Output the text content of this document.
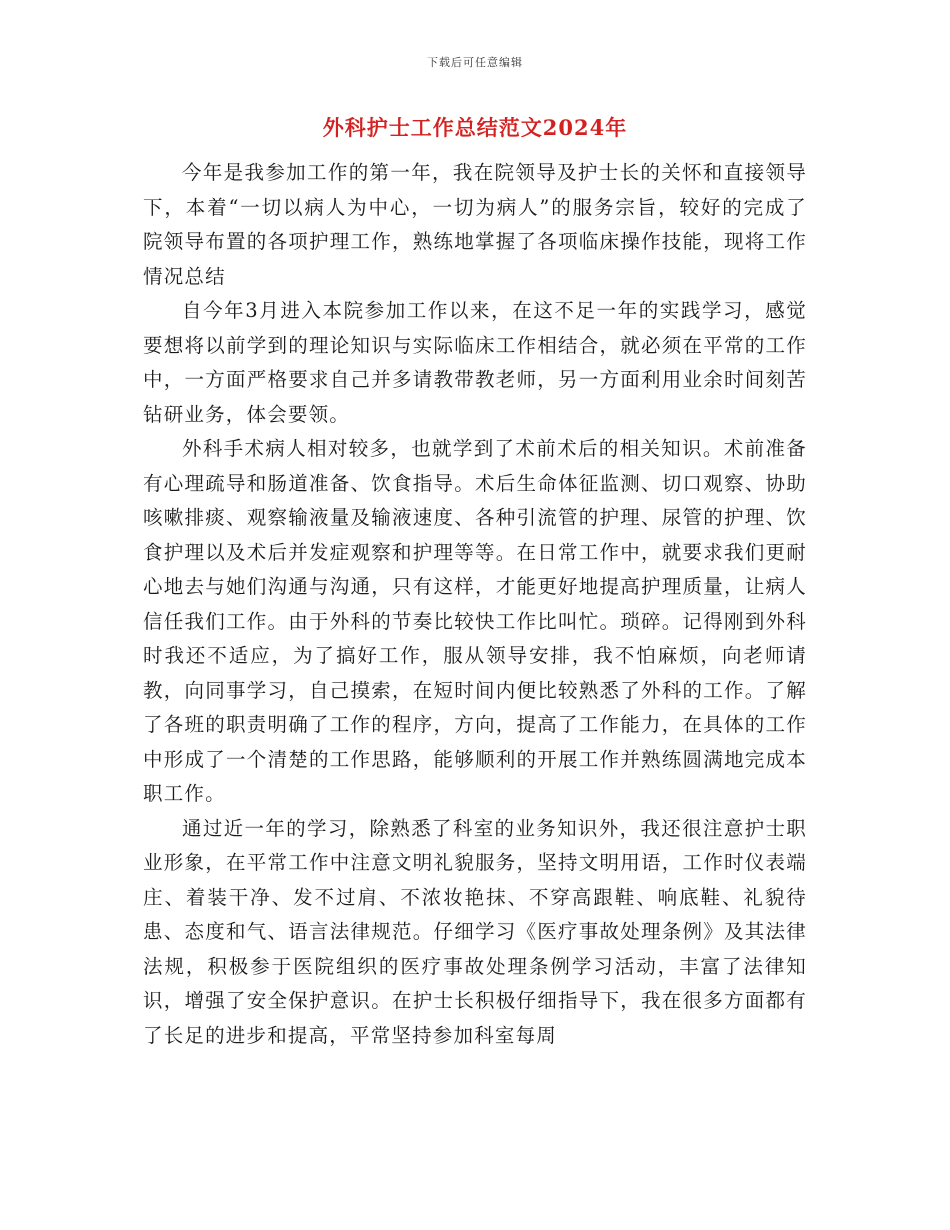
下载后可任意编辑
外科护士工作总结范文2024年

今年是我参加工作的第一年，我在院领导及护士长的关怀和直接领导下，本着“一切以病人为中心，一切为病人”的服务宗旨，较好的完成了院领导布置的各项护理工作，熟练地掌握了各项临床操作技能，现将工作情况总结

自今年3月进入本院参加工作以来，在这不足一年的实践学习，感觉要想将以前学到的理论知识与实际临床工作相结合，就必须在平常的工作中，一方面严格要求自己并多请教带教老师，另一方面利用业余时间刻苦钻研业务，体会要领。

外科手术病人相对较多，也就学到了术前术后的相关知识。术前准备有心理疏导和肠道准备、饮食指导。术后生命体征监测、切口观察、协助咳嗽排痰、观察输液量及输液速度、各种引流管的护理、尿管的护理、饮食护理以及术后并发症观察和护理等等。在日常工作中，就要求我们更耐心地去与她们沟通与沟通，只有这样，才能更好地提高护理质量，让病人信任我们工作。由于外科的节奏比较快工作比叫忙。琐碎。记得刚到外科时我还不适应，为了搞好工作，服从领导安排，我不怕麻烦，向老师请教，向同事学习，自己摸索，在短时间内便比较熟悉了外科的工作。了解了各班的职责明确了工作的程序，方向，提高了工作能力，在具体的工作中形成了一个清楚的工作思路，能够顺利的开展工作并熟练圆满地完成本职工作。

通过近一年的学习，除熟悉了科室的业务知识外，我还很注意护士职业形象，在平常工作中注意文明礼貌服务，坚持文明用语，工作时仪表端庄、着装干净、发不过肩、不浓妆艳抹、不穿高跟鞋、响底鞋、礼貌待患、态度和气、语言法律规范。仔细学习《医疗事故处理条例》及其法律法规，积极参于医院组织的医疗事故处理条例学习活动，丰富了法律知识，增强了安全保护意识。在护士长积极仔细指导下，我在很多方面都有了长足的进步和提高，平常坚持参加科室每周
